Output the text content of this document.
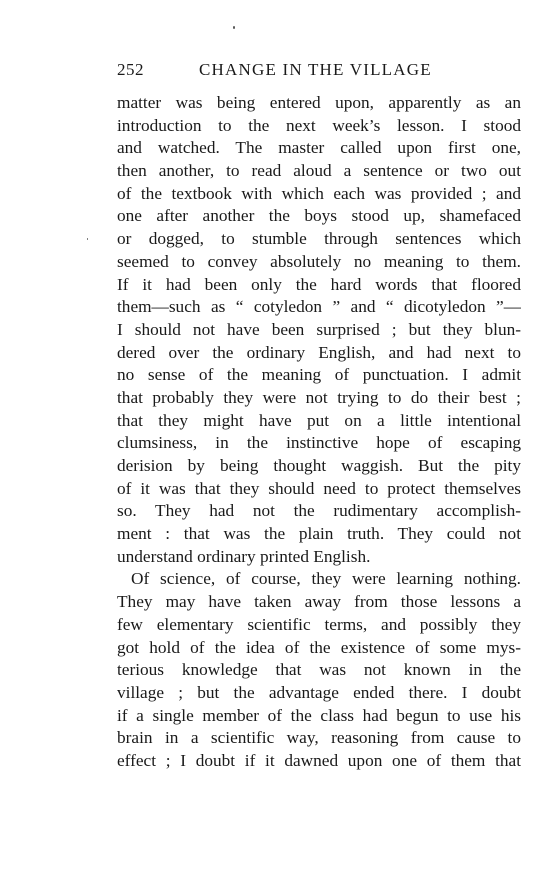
252	CHANGE IN THE VILLAGE
matter was being entered upon, apparently as an
introduction to the next week’s lesson. I stood
and watched. The master called upon first one,
then another, to read aloud a sentence or two out
of the textbook with which each was provided ; and
one after another the boys stood up, shamefaced
or dogged, to stumble through sentences which
seemed to convey absolutely no meaning to them.
If it had been only the hard words that floored
them—such as “ cotyledon ” and “ dicotyledon ”—
I should not have been surprised ; but they blun-
dered over the ordinary English, and had next to
no sense of the meaning of punctuation. I admit
that probably they were not trying to do their best ;
that they might have put on a little intentional
clumsiness, in the instinctive hope of escaping
derision by being thought waggish. But the pity
of it was that they should need to protect themselves
so. They had not the rudimentary accomplish-
ment : that was the plain truth. They could not
understand ordinary printed English.
Of science, of course, they were learning nothing.
They may have taken away from those lessons a
few elementary scientific terms, and possibly they
got hold of the idea of the existence of some mys-
terious knowledge that was not known in the
village ; but the advantage ended there. I doubt
if a single member of the class had begun to use his
brain in a scientific way, reasoning from cause to
effect ; I doubt if it dawned upon one of them that
